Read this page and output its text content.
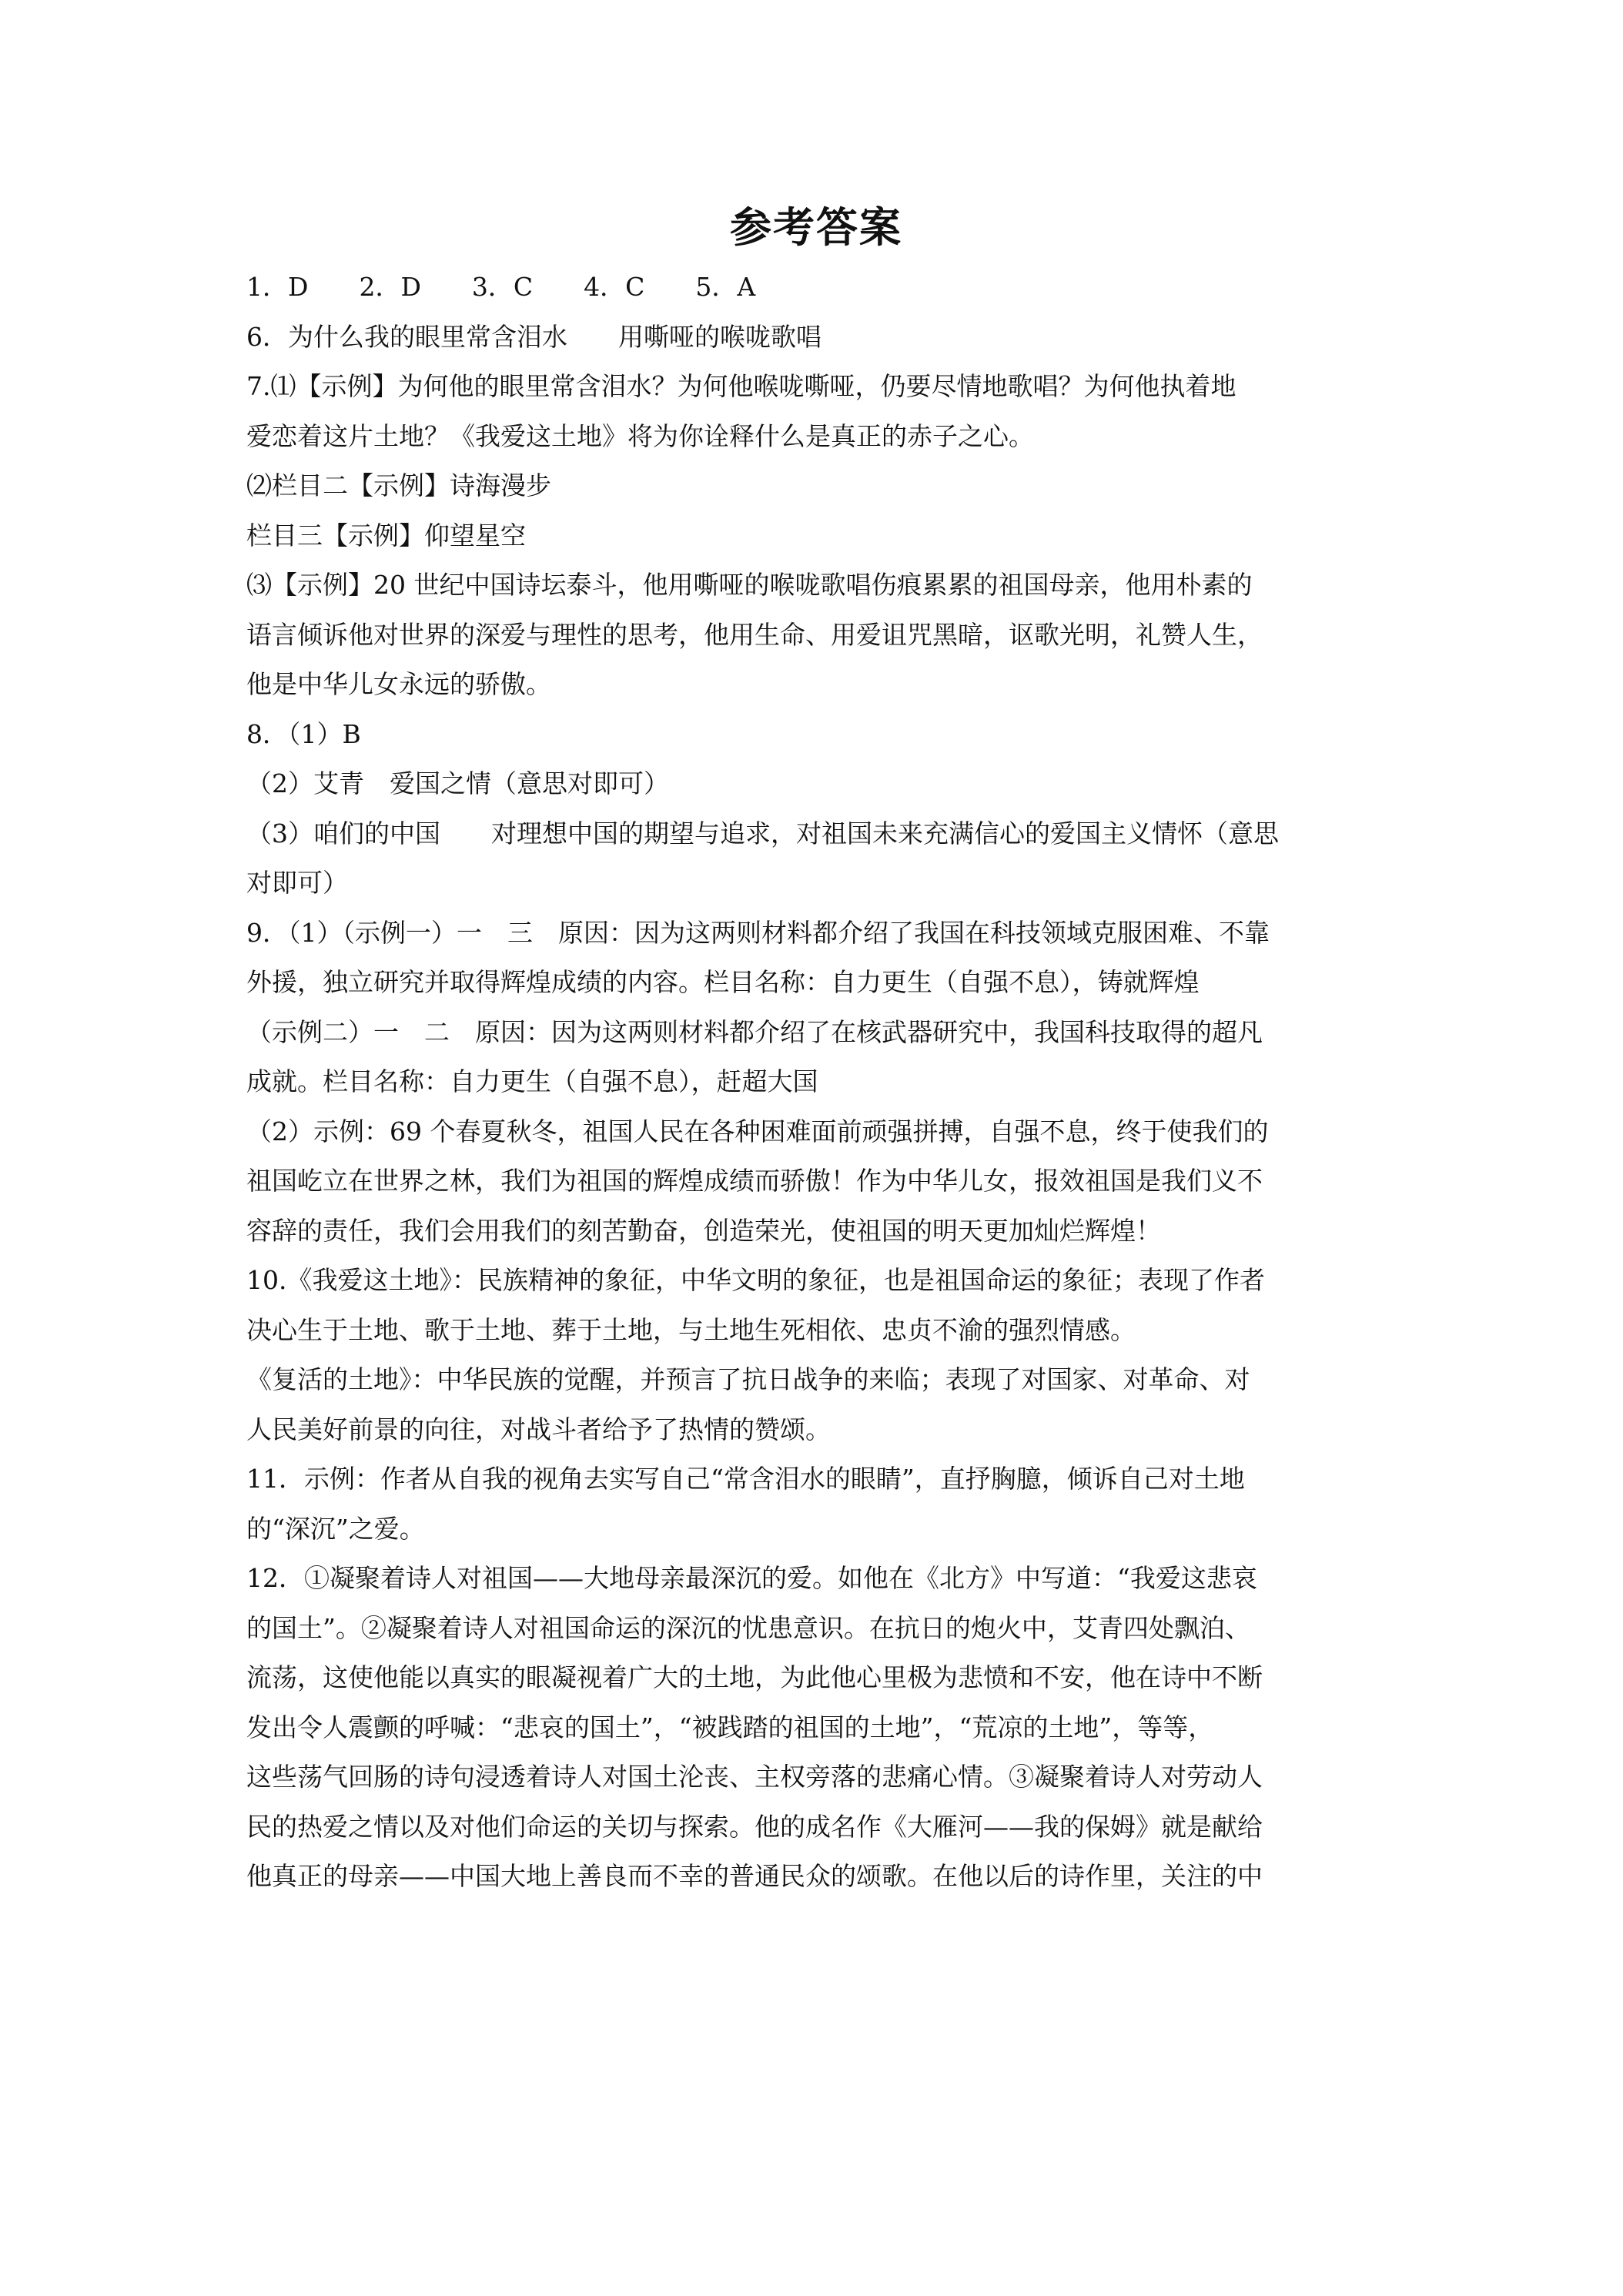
参考答案

1．D　　2．D　　3．C　　4．C　　5．A

6．为什么我的眼里常含泪水　　用嘶哑的喉咙歌唱

7.⑴【示例】为何他的眼里常含泪水？为何他喉咙嘶哑，仍要尽情地歌唱？为何他执着地

爱恋着这片土地？《我爱这土地》将为你诠释什么是真正的赤子之心。

⑵栏目二【示例】诗海漫步

栏目三【示例】仰望星空

⑶【示例】20 世纪中国诗坛泰斗，他用嘶哑的喉咙歌唱伤痕累累的祖国母亲，他用朴素的

语言倾诉他对世界的深爱与理性的思考，他用生命、用爱诅咒黑暗，讴歌光明，礼赞人生，

他是中华儿女永远的骄傲。

8．（1）B

（2）艾青　爱国之情（意思对即可）

（3）咱们的中国　　对理想中国的期望与追求，对祖国未来充满信心的爱国主义情怀（意思

对即可）

9．（1）（示例一）一　三　原因：因为这两则材料都介绍了我国在科技领域克服困难、不靠

外援，独立研究并取得辉煌成绩的内容。栏目名称：自力更生（自强不息），铸就辉煌

（示例二）一　二　原因：因为这两则材料都介绍了在核武器研究中，我国科技取得的超凡

成就。栏目名称：自力更生（自强不息），赶超大国

（2）示例：69 个春夏秋冬，祖国人民在各种困难面前顽强拼搏，自强不息，终于使我们的

祖国屹立在世界之林，我们为祖国的辉煌成绩而骄傲！作为中华儿女，报效祖国是我们义不

容辞的责任，我们会用我们的刻苦勤奋，创造荣光，使祖国的明天更加灿烂辉煌！

10.《我爱这土地》：民族精神的象征，中华文明的象征，也是祖国命运的象征；表现了作者

决心生于土地、歌于土地、葬于土地，与土地生死相依、忠贞不渝的强烈情感。

《复活的土地》：中华民族的觉醒，并预言了抗日战争的来临；表现了对国家、对革命、对

人民美好前景的向往，对战斗者给予了热情的赞颂。

11．示例：作者从自我的视角去实写自己“常含泪水的眼睛”，直抒胸臆，倾诉自己对土地

的“深沉”之爱。

12．①凝聚着诗人对祖国——大地母亲最深沉的爱。如他在《北方》中写道：“我爱这悲哀

的国土”。②凝聚着诗人对祖国命运的深沉的忧患意识。在抗日的炮火中，艾青四处飘泊、

流荡，这使他能以真实的眼凝视着广大的土地，为此他心里极为悲愤和不安，他在诗中不断

发出令人震颤的呼喊：“悲哀的国土”，“被践踏的祖国的土地”，“荒凉的土地”，等等，

这些荡气回肠的诗句浸透着诗人对国土沦丧、主权旁落的悲痛心情。③凝聚着诗人对劳动人

民的热爱之情以及对他们命运的关切与探索。他的成名作《大雁河——我的保姆》就是献给

他真正的母亲——中国大地上善良而不幸的普通民众的颂歌。在他以后的诗作里，关注的中
